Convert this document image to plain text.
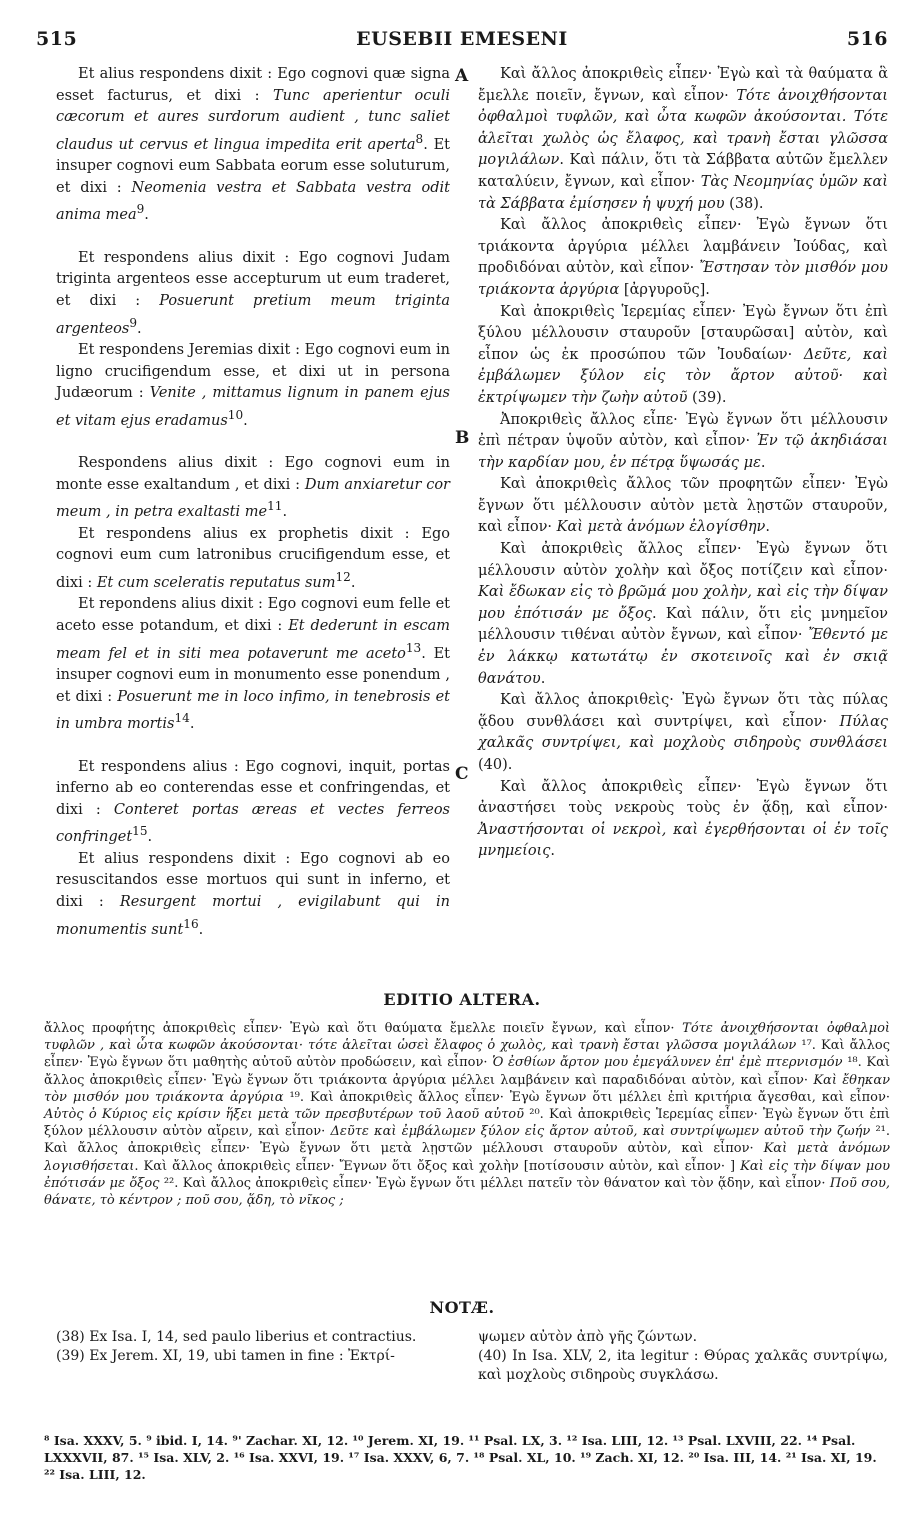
515	EUSEBII EMESENI	516
A
B
C

Et alius respondens dixit : Ego cognovi quæ signa esset facturus, et dixi : Tunc aperientur oculi cæcorum et aures surdorum audient , tunc saliet claudus ut cervus et lingua impedita erit aperta$^8$. Et insuper cognovi eum Sabbata eorum esse soluturum, et dixi : Neomenia vestra et Sabbata vestra odit anima mea$^9$.

Et respondens alius dixit : Ego cognovi Judam triginta argenteos esse accepturum ut eum traderet, et dixi : Posuerunt pretium meum triginta argenteos$^9$.

Et respondens Jeremias dixit : Ego cognovi eum in ligno crucifigendum esse, et dixi ut in persona Judæorum : Venite , mittamus lignum in panem ejus et vitam ejus eradamus$^{10}$.

Respondens alius dixit : Ego cognovi eum in monte esse exaltandum , et dixi : Dum anxiaretur cor meum , in petra exaltasti $me^{11}$.

Et respondens alius ex prophetis dixit : Ego cognovi eum cum latronibus crucifigendum esse, et dixi : Et cum sceleratis reputatus sum$^{12}$.

Et repondens alius dixit : Ego cognovi eum felle et aceto esse potandum, et dixi : Et dederunt in escam meam fel et in siti mea potaverunt me aceto$^{13}$. Et insuper cognovi eum in monumento esse ponendum , et dixi : Posuerunt me in loco infimo, in tenebrosis et in umbra mortis$^{14}$.

Et respondens alius : Ego cognovi, inquit, portas inferno ab eo conterendas esse et confringendas, et dixi : Conteret portas æreas et vectes ferreos confringet$^{15}$.

Et alius respondens dixit : Ego cognovi ab eo resuscitandos esse mortuos qui sunt in inferno, et dixi : Resurgent mortui , evigilabunt qui in monumentis sunt$^{16}$.

Καὶ ἄλλος ἀποκριθεὶς εἶπεν· Ἐγὼ καὶ τὰ θαύματα ἃ ἔμελλε ποιεῖν, ἔγνων, καὶ εἶπον· Τότε ἀνοιχθήσονται ὀφθαλμοὶ τυφλῶν, καὶ ὦτα κωφῶν ἀκούσονται. Τότε ἁλεῖται χωλὸς ὡς ἔλαφος, καὶ τρανὴ ἔσται γλῶσσα μογιλάλων. Καὶ πάλιν, ὅτι τὰ Σάββατα αὐτῶν ἔμελλεν καταλύειν, ἔγνων, καὶ εἶπον· Τὰς Νεομηνίας ὑμῶν καὶ τὰ Σάββατα ἐμίσησεν ἡ ψυχή μου (38).

Καὶ ἄλλος ἀποκριθεὶς εἶπεν· Ἐγὼ ἔγνων ὅτι τριάκοντα ἀργύρια μέλλει λαμβάνειν Ἰούδας, καὶ προδιδόναι αὐτὸν, καὶ εἶπον· Ἔστησαν τὸν μισθόν μου τριάκοντα ἀργύρια [ἀργυροῦς].

Καὶ ἀποκριθεὶς Ἱερεμίας εἶπεν· Ἐγὼ ἔγνων ὅτι ἐπὶ ξύλου μέλλουσιν σταυροῦν [σταυρῶσαι] αὐτὸν, καὶ εἶπον ὡς ἐκ προσώπου τῶν Ἰουδαίων· Δεῦτε, καὶ ἐμβάλωμεν ξύλον εἰς τὸν ἄρτον αὐτοῦ· καὶ ἐκτρίψωμεν τὴν ζωὴν αὐτοῦ (39).

Ἀποκριθεὶς ἄλλος εἶπε· Ἐγὼ ἔγνων ὅτι μέλλουσιν ἐπὶ πέτραν ὑψοῦν αὐτὸν, καὶ εἶπον· Ἐν τῷ ἀκηδιάσαι τὴν καρδίαν μου, ἐν πέτρᾳ ὕψωσάς με.

Καὶ ἀποκριθεὶς ἄλλος τῶν προφητῶν εἶπεν· Ἐγὼ ἔγνων ὅτι μέλλουσιν αὐτὸν μετὰ λῃστῶν σταυροῦν, καὶ εἶπον· Καὶ μετὰ ἀνόμων ἐλογίσθην.

Καὶ ἀποκριθεὶς ἄλλος εἶπεν· Ἐγὼ ἔγνων ὅτι μέλλουσιν αὐτὸν χολὴν καὶ ὄξος ποτίζειν καὶ εἶπον· Καὶ ἔδωκαν εἰς τὸ βρῶμά μου χολὴν, καὶ εἰς τὴν δίψαν μου ἐπότισάν με ὄξος. Καὶ πάλιν, ὅτι εἰς μνημεῖον μέλλουσιν τιθέναι αὐτὸν ἔγνων, καὶ εἶπον· Ἔθεντό με ἐν λάκκῳ κατωτάτῳ ἐν σκοτεινοῖς καὶ ἐν σκιᾷ θανάτου.

Καὶ ἄλλος ἀποκριθεὶς· Ἐγὼ ἔγνων ὅτι τὰς πύλας ᾅδου συνθλάσει καὶ συντρίψει, καὶ εἶπον· Πύλας χαλκᾶς συντρίψει, καὶ μοχλοὺς σιδηροὺς συνθλάσει (40).

Καὶ ἄλλος ἀποκριθεὶς εἶπεν· Ἐγὼ ἔγνων ὅτι ἀναστήσει τοὺς νεκροὺς τοὺς ἐν ᾅδῃ, καὶ εἶπον· Ἀναστήσονται οἱ νεκροὶ, καὶ ἐγερθήσονται οἱ ἐν τοῖς μνημείοις.

EDITIO ALTERA.
ἄλλος προφήτης ἀποκριθεὶς εἶπεν· Ἐγὼ καὶ ὅτι θαύματα ἔμελλε ποιεῖν ἔγνων, καὶ εἶπον· Τότε ἀνοιχθήσονται ὀφθαλμοὶ τυφλῶν , καὶ ὦτα κωφῶν ἀκούσονται· τότε ἁλεῖται ὡσεὶ ἔλαφος ὁ χωλὸς, καὶ τρανὴ ἔσται γλῶσσα μογιλάλων ¹⁷. Καὶ ἄλλος εἶπεν· Ἐγὼ ἔγνων ὅτι μαθητὴς αὐτοῦ αὐτὸν προδώσειν, καὶ εἶπον· Ὁ ἐσθίων ἄρτον μου ἐμεγάλυνεν ἐπ' ἐμὲ πτερνισμόν ¹⁸. Καὶ ἄλλος ἀποκριθεὶς εἶπεν· Ἐγὼ ἔγνων ὅτι τριάκοντα ἀργύρια μέλλει λαμβάνειν καὶ παραδιδόναι αὐτὸν, καὶ εἶπον· Καὶ ἔθηκαν τὸν μισθόν μου τριάκοντα ἀργύρια ¹⁹. Καὶ ἀποκριθεὶς ἄλλος εἶπεν· Ἐγὼ ἔγνων ὅτι μέλλει ἐπὶ κριτήρια ἄγεσθαι, καὶ εἶπον· Αὐτὸς ὁ Κύριος εἰς κρίσιν ἥξει μετὰ τῶν πρεσβυτέρων τοῦ λαοῦ αὐτοῦ ²⁰. Καὶ ἀποκριθεὶς Ἱερεμίας εἶπεν· Ἐγὼ ἔγνων ὅτι ἐπὶ ξύλον μέλλουσιν αὐτὸν αἴρειν, καὶ εἶπον· Δεῦτε καὶ ἐμβάλωμεν ξύλον εἰς ἄρτον αὐτοῦ, καὶ συντρίψωμεν αὐτοῦ τὴν ζωήν ²¹. Καὶ ἄλλος ἀποκριθεὶς εἶπεν· Ἐγὼ ἔγνων ὅτι μετὰ λῃστῶν μέλλουσι σταυροῦν αὐτὸν, καὶ εἶπον· Καὶ μετὰ ἀνόμων λογισθήσεται. Καὶ ἄλλος ἀποκριθεὶς εἶπεν· Ἔγνων ὅτι ὄξος καὶ χολὴν [ποτίσουσιν αὐτὸν, καὶ εἶπον· ] Καὶ εἰς τὴν δίψαν μου ἐπότισάν με ὄξος ²². Καὶ ἄλλος ἀποκριθεὶς εἶπεν· Ἐγὼ ἔγνων ὅτι μέλλει πατεῖν τὸν θάνατον καὶ τὸν ᾅδην, καὶ εἶπον· Ποῦ σου, θάνατε, τὸ κέντρον ; ποῦ σου, ᾅδη, τὸ νῖκος ;
NOTÆ.

(38) Ex Isa. I, 14, sed paulo liberius et contractius.

(39) Ex Jerem. XI, 19, ubi tamen in fine : Ἐκτρί-

ψωμεν αὐτὸν ἀπὸ γῆς ζώντων.

(40) In Isa. XLV, 2, ita legitur : Θύρας χαλκᾶς συντρίψω, καὶ μοχλοὺς σιδηροὺς συγκλάσω.

⁸ Isa. XXXV, 5. ⁹ ibid. I, 14. ⁹' Zachar. XI, 12. ¹⁰ Jerem. XI, 19. ¹¹ Psal. LX, 3. ¹² Isa. LIII, 12. ¹³ Psal. LXVIII, 22. ¹⁴ Psal. LXXXVII, 87. ¹⁵ Isa. XLV, 2. ¹⁶ Isa. XXVI, 19. ¹⁷ Isa. XXXV, 6, 7. ¹⁸ Psal. XL, 10. ¹⁹ Zach. XI, 12. ²⁰ Isa. III, 14. ²¹ Isa. XI, 19. ²² Isa. LIII, 12.
